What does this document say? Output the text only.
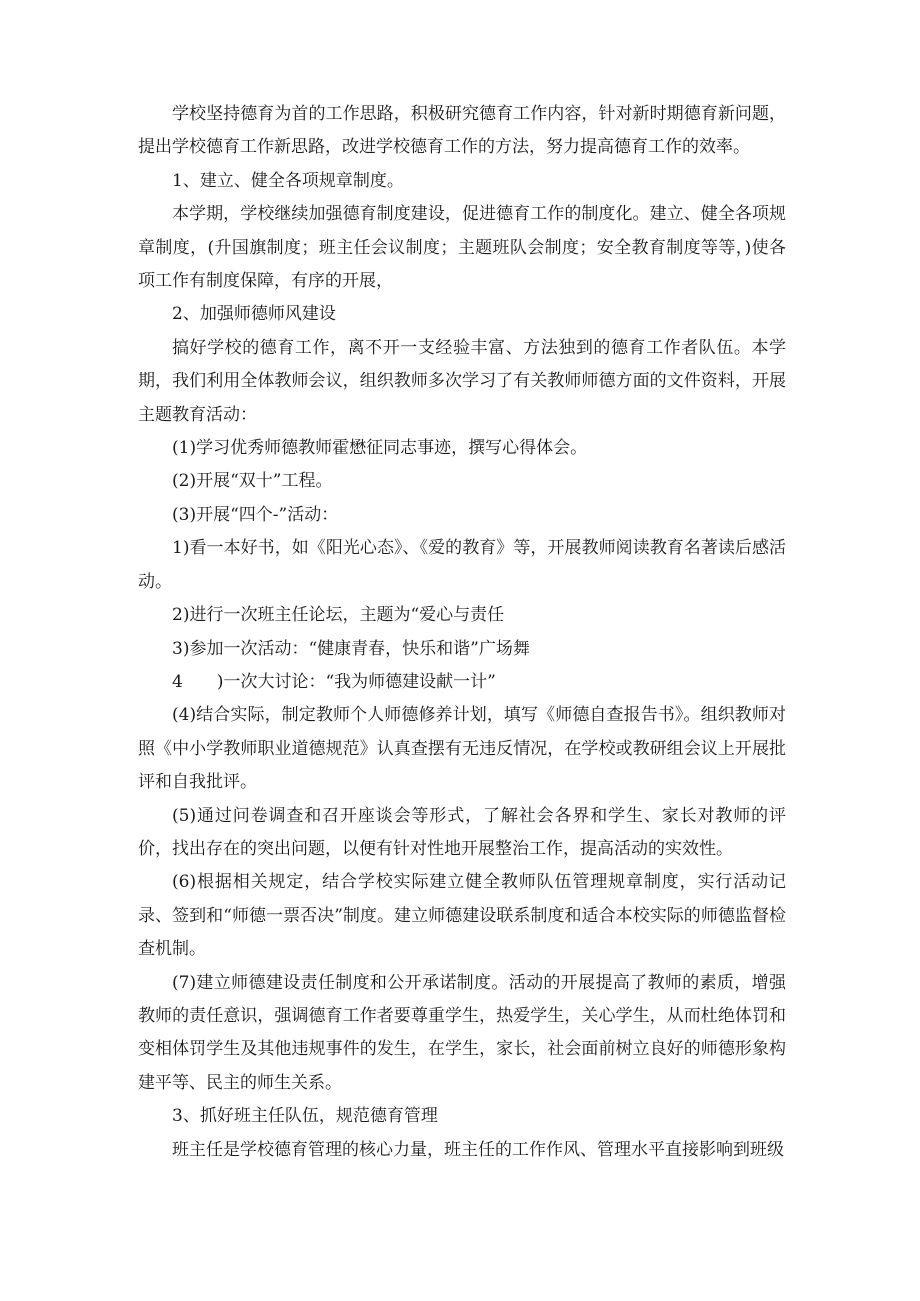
学校坚持德育为首的工作思路，积极研究德育工作内容，针对新时期德育新问题，提出学校德育工作新思路，改进学校德育工作的方法，努力提高德育工作的效率。

1、建立、健全各项规章制度。

本学期，学校继续加强德育制度建设，促进德育工作的制度化。建立、健全各项规章制度，(升国旗制度；班主任会议制度；主题班队会制度；安全教育制度等等，)使各项工作有制度保障，有序的开展，

2、加强师德师风建设

搞好学校的德育工作，离不开一支经验丰富、方法独到的德育工作者队伍。本学期，我们利用全体教师会议，组织教师多次学习了有关教师师德方面的文件资料，开展主题教育活动：

(1)学习优秀师德教师霍懋征同志事迹，撰写心得体会。

(2)开展“双十”工程。

(3)开展“四个-”活动：

1)看一本好书，如《阳光心态》、《爱的教育》等，开展教师阅读教育名著读后感活动。

2)进行一次班主任论坛，主题为“爱心与责任

3)参加一次活动：“健康青春，快乐和谐”广场舞

4　　)一次大讨论：“我为师德建设献一计”

(4)结合实际，制定教师个人师德修养计划，填写《师德自查报告书》。组织教师对照《中小学教师职业道德规范》认真查摆有无违反情况，在学校或教研组会议上开展批评和自我批评。

(5)通过问卷调查和召开座谈会等形式，了解社会各界和学生、家长对教师的评价，找出存在的突出问题，以便有针对性地开展整治工作，提高活动的实效性。

(6)根据相关规定，结合学校实际建立健全教师队伍管理规章制度，实行活动记录、签到和“师德一票否决”制度。建立师德建设联系制度和适合本校实际的师德监督检查机制。

(7)建立师德建设责任制度和公开承诺制度。活动的开展提高了教师的素质，增强教师的责任意识，强调德育工作者要尊重学生，热爱学生，关心学生，从而杜绝体罚和变相体罚学生及其他违规事件的发生，在学生，家长，社会面前树立良好的师德形象构建平等、民主的师生关系。

3、抓好班主任队伍，规范德育管理

班主任是学校德育管理的核心力量，班主任的工作作风、管理水平直接影响到班级
